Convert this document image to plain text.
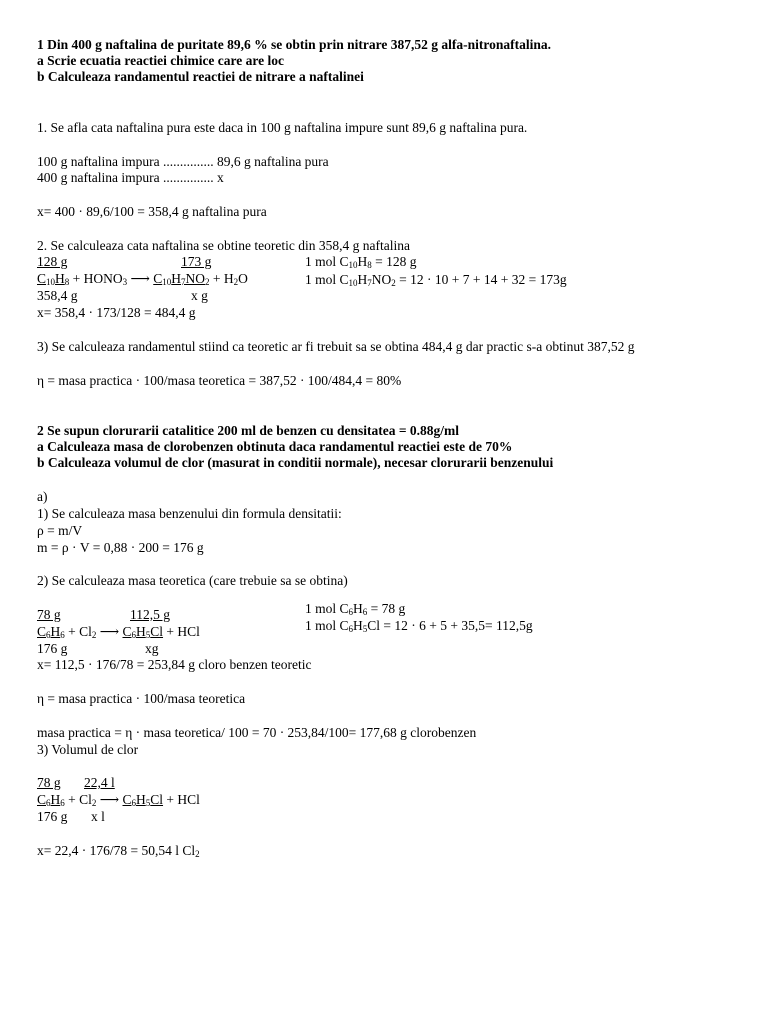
1 Din 400 g naftalina de puritate 89,6 % se obtin prin nitrare 387,52 g alfa-nitronaftalina.
a Scrie ecuatia reactiei chimice care are loc
b Calculeaza randamentul reactiei de nitrare a naftalinei
1. Se afla cata naftalina pura este daca in 100 g naftalina impure sunt 89,6 g naftalina pura.
100 g naftalina impura ............... 89,6 g naftalina pura
400 g naftalina impura ............... x
x= 400 · 89,6/100 = 358,4 g naftalina pura
2. Se calculeaza cata naftalina se obtine teoretic din 358,4 g naftalina
128 g	173 g
$C_{10}H_8$ + $HONO_3$ ⟶ $C_{10}H_7NO_2 + H_2O$
1 mol $C_{10}H_8 = 128$ g
1 mol $C_{10}H_7NO_2 = 12 \cdot 10 + 7 + 14 + 32 = 173g$
358,4 g	x g
x= 358,4 · 173/128 = 484,4 g
3) Se calculeaza randamentul stiind ca teoretic ar fi trebuit sa se obtina 484,4 g dar practic s-a obtinut 387,52 g
η = masa practica · 100/masa teoretica = 387,52 · 100/484,4 = 80%
2 Se supun clorurarii catalitice 200 ml de benzen cu densitatea = 0.88g/ml
a Calculeaza masa de clorobenzen obtinuta daca randamentul reactiei este de 70%
b Calculeaza volumul de clor (masurat in conditii normale), necesar clorurarii benzenului
a)
1) Se calculeaza masa benzenului din formula densitatii:
ρ = m/V
m = ρ · V = 0,88 · 200 = 176 g
2) Se calculeaza masa teoretica (care trebuie sa se obtina)
78 g	112,5 g
$C_6H_6 + Cl_2$ ⟶ $C_6H_5Cl$ + HCl
1 mol $C_6H_6 = 78$ g
1 mol $C_6H_5Cl = 12 \cdot 6 + 5 + 35,5= 112,5g$
176 g	xg
x= 112,5 · 176/78 = 253,84 g cloro benzen teoretic
η = masa practica · 100/masa teoretica
masa practica = η · masa teoretica/ 100 = 70 · 253,84/100= 177,68 g clorobenzen
3) Volumul de clor
78 g 22,4 l
$C_6H_6 + Cl_2$ ⟶ $C_6H_5Cl$ + HCl
176 g x l
x= 22,4 · 176/78 = 50,54 l $Cl_2$
